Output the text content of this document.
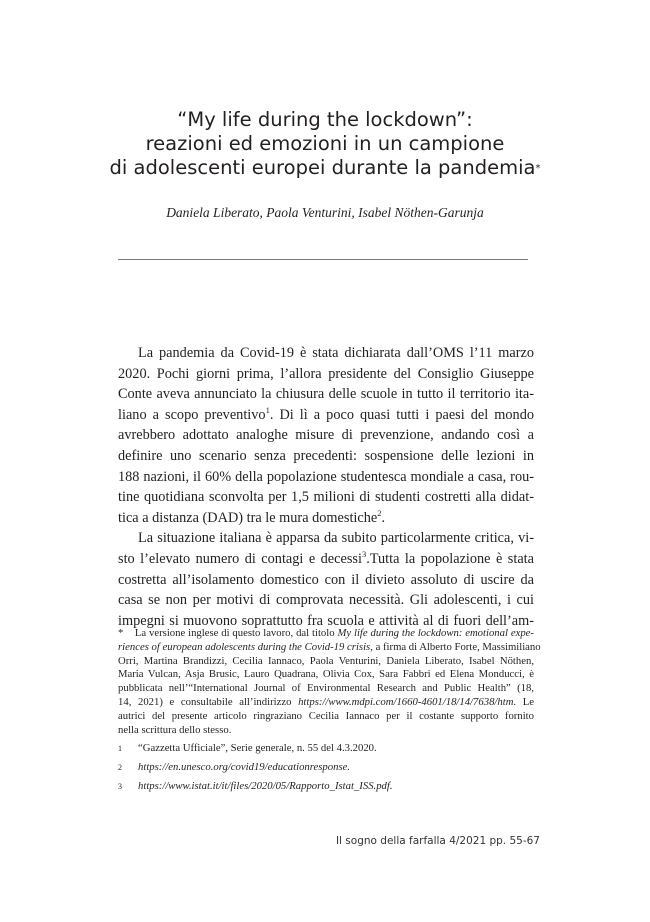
“My life during the lockdown”:
reazioni ed emozioni in un campione
di adolescenti europei durante la pandemia*
Daniela Liberato, Paola Venturini, Isabel Nöthen-Garunja
La pandemia da Covid-19 è stata dichiarata dall’OMS l’11 marzo
2020. Pochi giorni prima, l’allora presidente del Consiglio Giuseppe
Conte aveva annunciato la chiusura delle scuole in tutto il territorio ita-
liano a scopo preventivo$^1$. Di lì a poco quasi tutti i paesi del mondo
avrebbero adottato analoghe misure di prevenzione, andando così a
definire uno scenario senza precedenti: sospensione delle lezioni in
188 nazioni, il 60% della popolazione studentesca mondiale a casa, rou-
tine quotidiana sconvolta per 1,5 milioni di studenti costretti alla didat-
tica a distanza (DAD) tra le mura domestiche$^2$.
La situazione italiana è apparsa da subito particolarmente critica, vi-
sto l’elevato numero di contagi e decessi$^3$.Tutta la popolazione è stata
costretta all’isolamento domestico con il divieto assoluto di uscire da
casa se non per motivi di comprovata necessità. Gli adolescenti, i cui
impegni si muovono soprattutto fra scuola e attività al di fuori dell’am-
* La versione inglese di questo lavoro, dal titolo My life during the lockdown: emotional expe-
riences of european adolescents during the Covid-19 crisis, a firma di Alberto Forte, Massimiliano
Orri, Martina Brandizzi, Cecilia Iannaco, Paola Venturini, Daniela Liberato, Isabel Nöthen,
Maria Vulcan, Asja Brusic, Lauro Quadrana, Olivia Cox, Sara Fabbri ed Elena Monducci, è
pubblicata nell’“International Journal of Environmental Research and Public Health” (18,
14, 2021) e consultabile all’indirizzo https://www.mdpi.com/1660-4601/18/14/7638/htm. Le
autrici del presente articolo ringraziano Cecilia Iannaco per il costante supporto fornito
nella scrittura dello stesso.
1	“Gazzetta Ufficiale”, Serie generale, n. 55 del 4.3.2020.
2	https://en.unesco.org/covid19/educationresponse.
3	https://www.istat.it/it/files/2020/05/Rapporto_Istat_ISS.pdf.
Il sogno della farfalla 4/2021 pp. 55-67
